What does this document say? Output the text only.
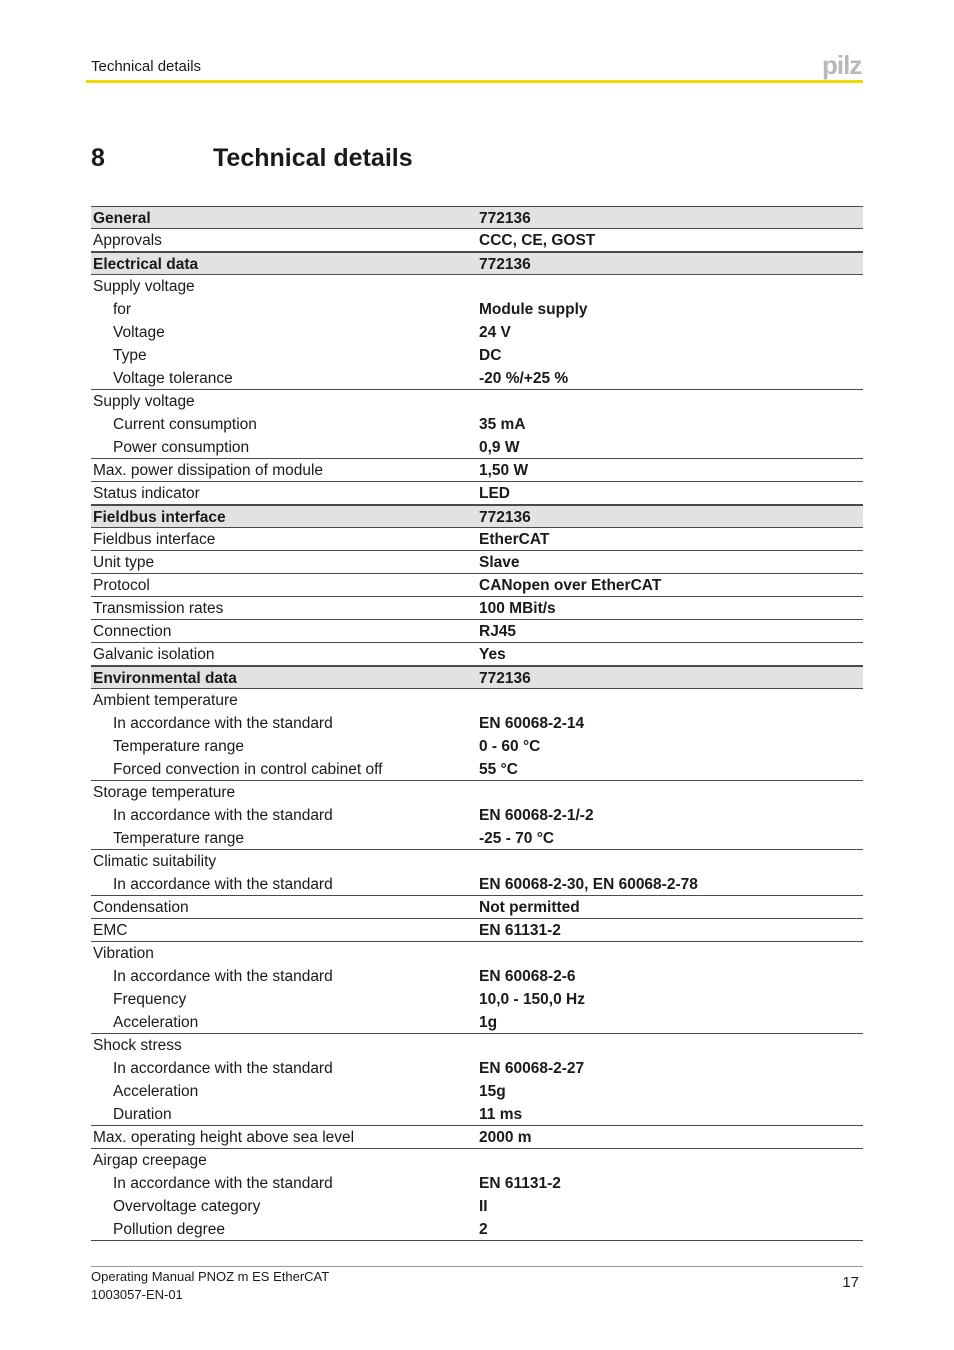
Technical details	pilz
8	Technical details
General	772136
Approvals	CCC, CE, GOST
Electrical data	772136
Supply voltage
for	Module supply
Voltage	24 V
Type	DC
Voltage tolerance	-20 %/+25 %
Supply voltage
Current consumption	35 mA
Power consumption	0,9 W
Max. power dissipation of module	1,50 W
Status indicator	LED
Fieldbus interface	772136
Fieldbus interface	EtherCAT
Unit type	Slave
Protocol	CANopen over EtherCAT
Transmission rates	100 MBit/s
Connection	RJ45
Galvanic isolation	Yes
Environmental data	772136
Ambient temperature
In accordance with the standard	EN 60068-2-14
Temperature range	0 - 60 °C
Forced convection in control cabinet off	55 °C
Storage temperature
In accordance with the standard	EN 60068-2-1/-2
Temperature range	-25 - 70 °C
Climatic suitability
In accordance with the standard	EN 60068-2-30, EN 60068-2-78
Condensation	Not permitted
EMC	EN 61131-2
Vibration
In accordance with the standard	EN 60068-2-6
Frequency	10,0 - 150,0 Hz
Acceleration	1g
Shock stress
In accordance with the standard	EN 60068-2-27
Acceleration	15g
Duration	11 ms
Max. operating height above sea level	2000 m
Airgap creepage
In accordance with the standard	EN 61131-2
Overvoltage category	II
Pollution degree	2
Operating Manual PNOZ m ES EtherCAT
1003057-EN-01
17
